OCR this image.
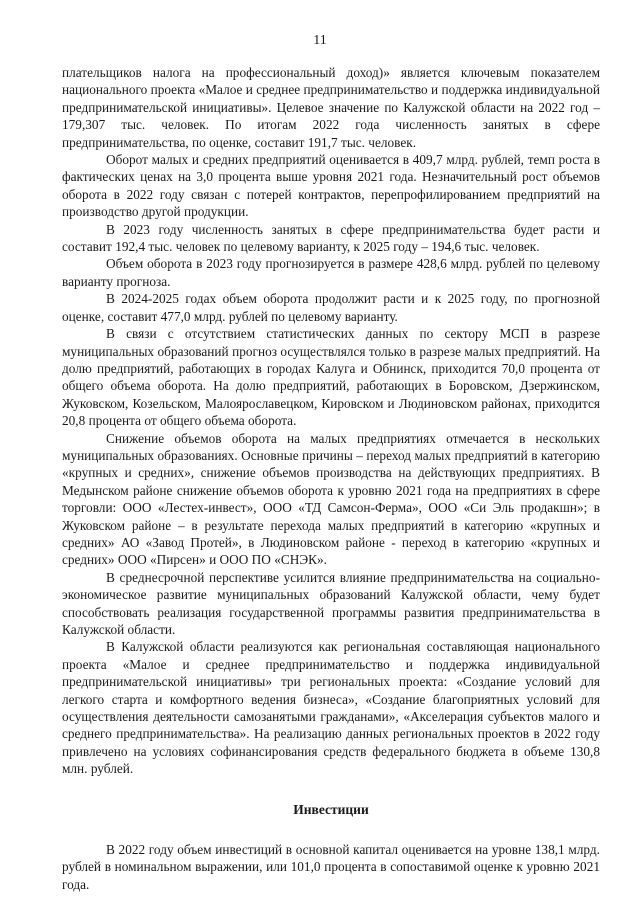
11

плательщиков налога на профессиональный доход)» является ключевым показателем национального проекта «Малое и среднее предпринимательство и поддержка индивидуальной предпринимательской инициативы». Целевое значение по Калужской области на 2022 год – 179,307 тыс. человек. По итогам 2022 года численность занятых в сфере предпринимательства, по оценке, составит 191,7 тыс. человек.

Оборот малых и средних предприятий оценивается в 409,7 млрд. рублей, темп роста в фактических ценах на 3,0 процента выше уровня 2021 года. Незначительный рост объемов оборота в 2022 году связан с потерей контрактов, перепрофилированием предприятий на производство другой продукции.

В 2023 году численность занятых в сфере предпринимательства будет расти и составит 192,4 тыс. человек по целевому варианту, к 2025 году – 194,6 тыс. человек.

Объем оборота в 2023 году прогнозируется в размере 428,6 млрд. рублей по целевому варианту прогноза.

В 2024-2025 годах объем оборота продолжит расти и к 2025 году, по прогнозной оценке, составит 477,0 млрд. рублей по целевому варианту.

В связи с отсутствием статистических данных по сектору МСП в разрезе муниципальных образований прогноз осуществлялся только в разрезе малых предприятий. На долю предприятий, работающих в городах Калуга и Обнинск, приходится 70,0 процента от общего объема оборота. На долю предприятий, работающих в Боровском, Дзержинском, Жуковском, Козельском, Малоярославецком, Кировском и Людиновском районах, приходится 20,8 процента от общего объема оборота.

Снижение объемов оборота на малых предприятиях отмечается в нескольких муниципальных образованиях. Основные причины – переход малых предприятий в категорию «крупных и средних», снижение объемов производства на действующих предприятиях. В Медынском районе снижение объемов оборота к уровню 2021 года на предприятиях в сфере торговли: ООО «Лестех-инвест», ООО «ТД Самсон-Ферма», ООО «Си Эль продакшн»; в Жуковском районе – в результате перехода малых предприятий в категорию «крупных и средних» АО «Завод Протей», в Людиновском районе - переход в категорию «крупных и средних» ООО «Пирсен» и ООО ПО «СНЭК».

В среднесрочной перспективе усилится влияние предпринимательства на социально-экономическое развитие муниципальных образований Калужской области, чему будет способствовать реализация государственной программы развития предпринимательства в Калужской области.

В Калужской области реализуются как региональная составляющая национального проекта «Малое и среднее предпринимательство и поддержка индивидуальной предпринимательской инициативы» три региональных проекта: «Создание условий для легкого старта и комфортного ведения бизнеса», «Создание благоприятных условий для осуществления деятельности самозанятыми гражданами», «Акселерация субъектов малого и среднего предпринимательства». На реализацию данных региональных проектов в 2022 году привлечено на условиях софинансирования средств федерального бюджета в объеме 130,8 млн. рублей.

Инвестиции

В 2022 году объем инвестиций в основной капитал оценивается на уровне 138,1 млрд. рублей в номинальном выражении, или 101,0 процента в сопоставимой оценке к уровню 2021 года.
